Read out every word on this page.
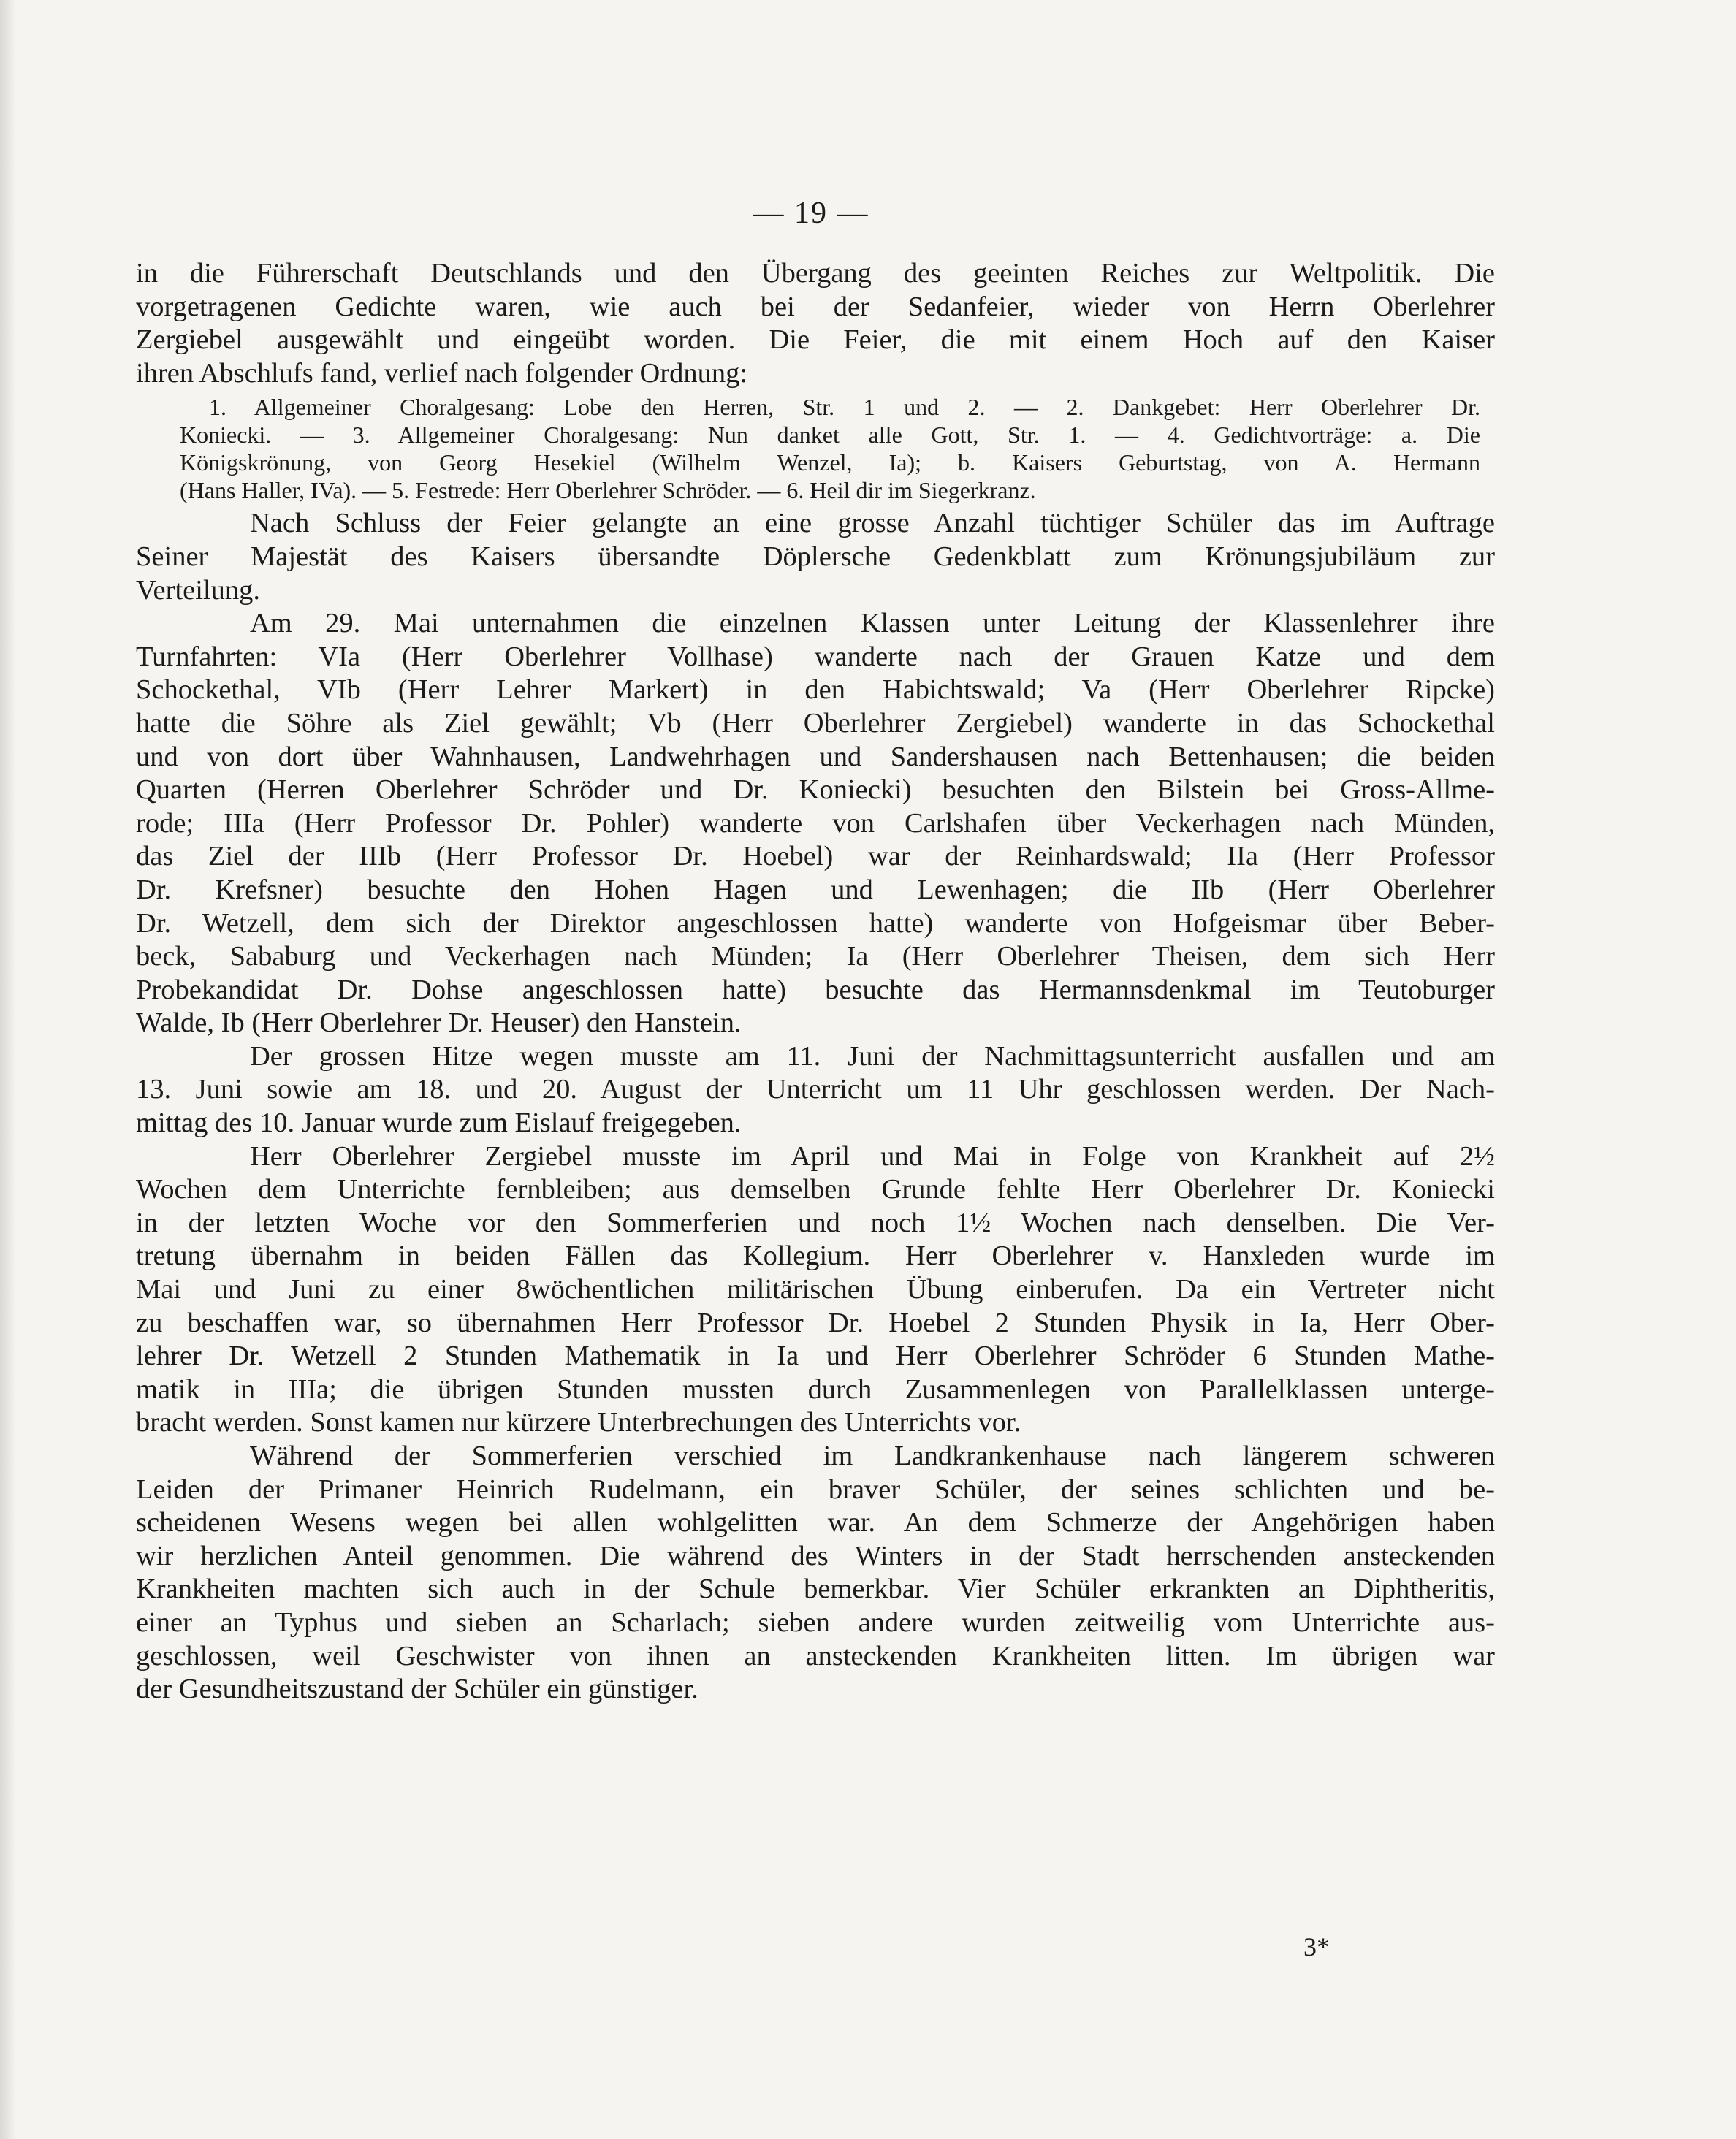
— 19 —
in die Führerschaft Deutschlands und den Übergang des geeinten Reiches zur Weltpolitik. Die
vorgetragenen Gedichte waren, wie auch bei der Sedanfeier, wieder von Herrn Oberlehrer
Zergiebel ausgewählt und eingeübt worden. Die Feier, die mit einem Hoch auf den Kaiser
ihren Abschlufs fand, verlief nach folgender Ordnung:
1. Allgemeiner Choralgesang: Lobe den Herren, Str. 1 und 2. — 2. Dankgebet: Herr Oberlehrer Dr.
Koniecki. — 3. Allgemeiner Choralgesang: Nun danket alle Gott, Str. 1. — 4. Gedichtvorträge: a. Die
Königskrönung, von Georg Hesekiel (Wilhelm Wenzel, Ia); b. Kaisers Geburtstag, von A. Hermann
(Hans Haller, IVa). — 5. Festrede: Herr Oberlehrer Schröder. — 6. Heil dir im Siegerkranz.
Nach Schluss der Feier gelangte an eine grosse Anzahl tüchtiger Schüler das im Auftrage
Seiner Majestät des Kaisers übersandte Döplersche Gedenkblatt zum Krönungsjubiläum zur
Verteilung.
Am 29. Mai unternahmen die einzelnen Klassen unter Leitung der Klassenlehrer ihre
Turnfahrten: VIa (Herr Oberlehrer Vollhase) wanderte nach der Grauen Katze und dem
Schockethal, VIb (Herr Lehrer Markert) in den Habichtswald; Va (Herr Oberlehrer Ripcke)
hatte die Söhre als Ziel gewählt; Vb (Herr Oberlehrer Zergiebel) wanderte in das Schockethal
und von dort über Wahnhausen, Landwehrhagen und Sandershausen nach Bettenhausen; die beiden
Quarten (Herren Oberlehrer Schröder und Dr. Koniecki) besuchten den Bilstein bei Gross-Allme-
rode; IIIa (Herr Professor Dr. Pohler) wanderte von Carlshafen über Veckerhagen nach Münden,
das Ziel der IIIb (Herr Professor Dr. Hoebel) war der Reinhardswald; IIa (Herr Professor
Dr. Krefsner) besuchte den Hohen Hagen und Lewenhagen; die IIb (Herr Oberlehrer
Dr. Wetzell, dem sich der Direktor angeschlossen hatte) wanderte von Hofgeismar über Beber-
beck, Sababurg und Veckerhagen nach Münden; Ia (Herr Oberlehrer Theisen, dem sich Herr
Probekandidat Dr. Dohse angeschlossen hatte) besuchte das Hermannsdenkmal im Teutoburger
Walde, Ib (Herr Oberlehrer Dr. Heuser) den Hanstein.
Der grossen Hitze wegen musste am 11. Juni der Nachmittagsunterricht ausfallen und am
13. Juni sowie am 18. und 20. August der Unterricht um 11 Uhr geschlossen werden. Der Nach-
mittag des 10. Januar wurde zum Eislauf freigegeben.
Herr Oberlehrer Zergiebel musste im April und Mai in Folge von Krankheit auf 2½
Wochen dem Unterrichte fernbleiben; aus demselben Grunde fehlte Herr Oberlehrer Dr. Koniecki
in der letzten Woche vor den Sommerferien und noch 1½ Wochen nach denselben. Die Ver-
tretung übernahm in beiden Fällen das Kollegium. Herr Oberlehrer v. Hanxleden wurde im
Mai und Juni zu einer 8wöchentlichen militärischen Übung einberufen. Da ein Vertreter nicht
zu beschaffen war, so übernahmen Herr Professor Dr. Hoebel 2 Stunden Physik in Ia, Herr Ober-
lehrer Dr. Wetzell 2 Stunden Mathematik in Ia und Herr Oberlehrer Schröder 6 Stunden Mathe-
matik in IIIa; die übrigen Stunden mussten durch Zusammenlegen von Parallelklassen unterge-
bracht werden. Sonst kamen nur kürzere Unterbrechungen des Unterrichts vor.
Während der Sommerferien verschied im Landkrankenhause nach längerem schweren
Leiden der Primaner Heinrich Rudelmann, ein braver Schüler, der seines schlichten und be-
scheidenen Wesens wegen bei allen wohlgelitten war. An dem Schmerze der Angehörigen haben
wir herzlichen Anteil genommen. Die während des Winters in der Stadt herrschenden ansteckenden
Krankheiten machten sich auch in der Schule bemerkbar. Vier Schüler erkrankten an Diphtheritis,
einer an Typhus und sieben an Scharlach; sieben andere wurden zeitweilig vom Unterrichte aus-
geschlossen, weil Geschwister von ihnen an ansteckenden Krankheiten litten. Im übrigen war
der Gesundheitszustand der Schüler ein günstiger.
3*
